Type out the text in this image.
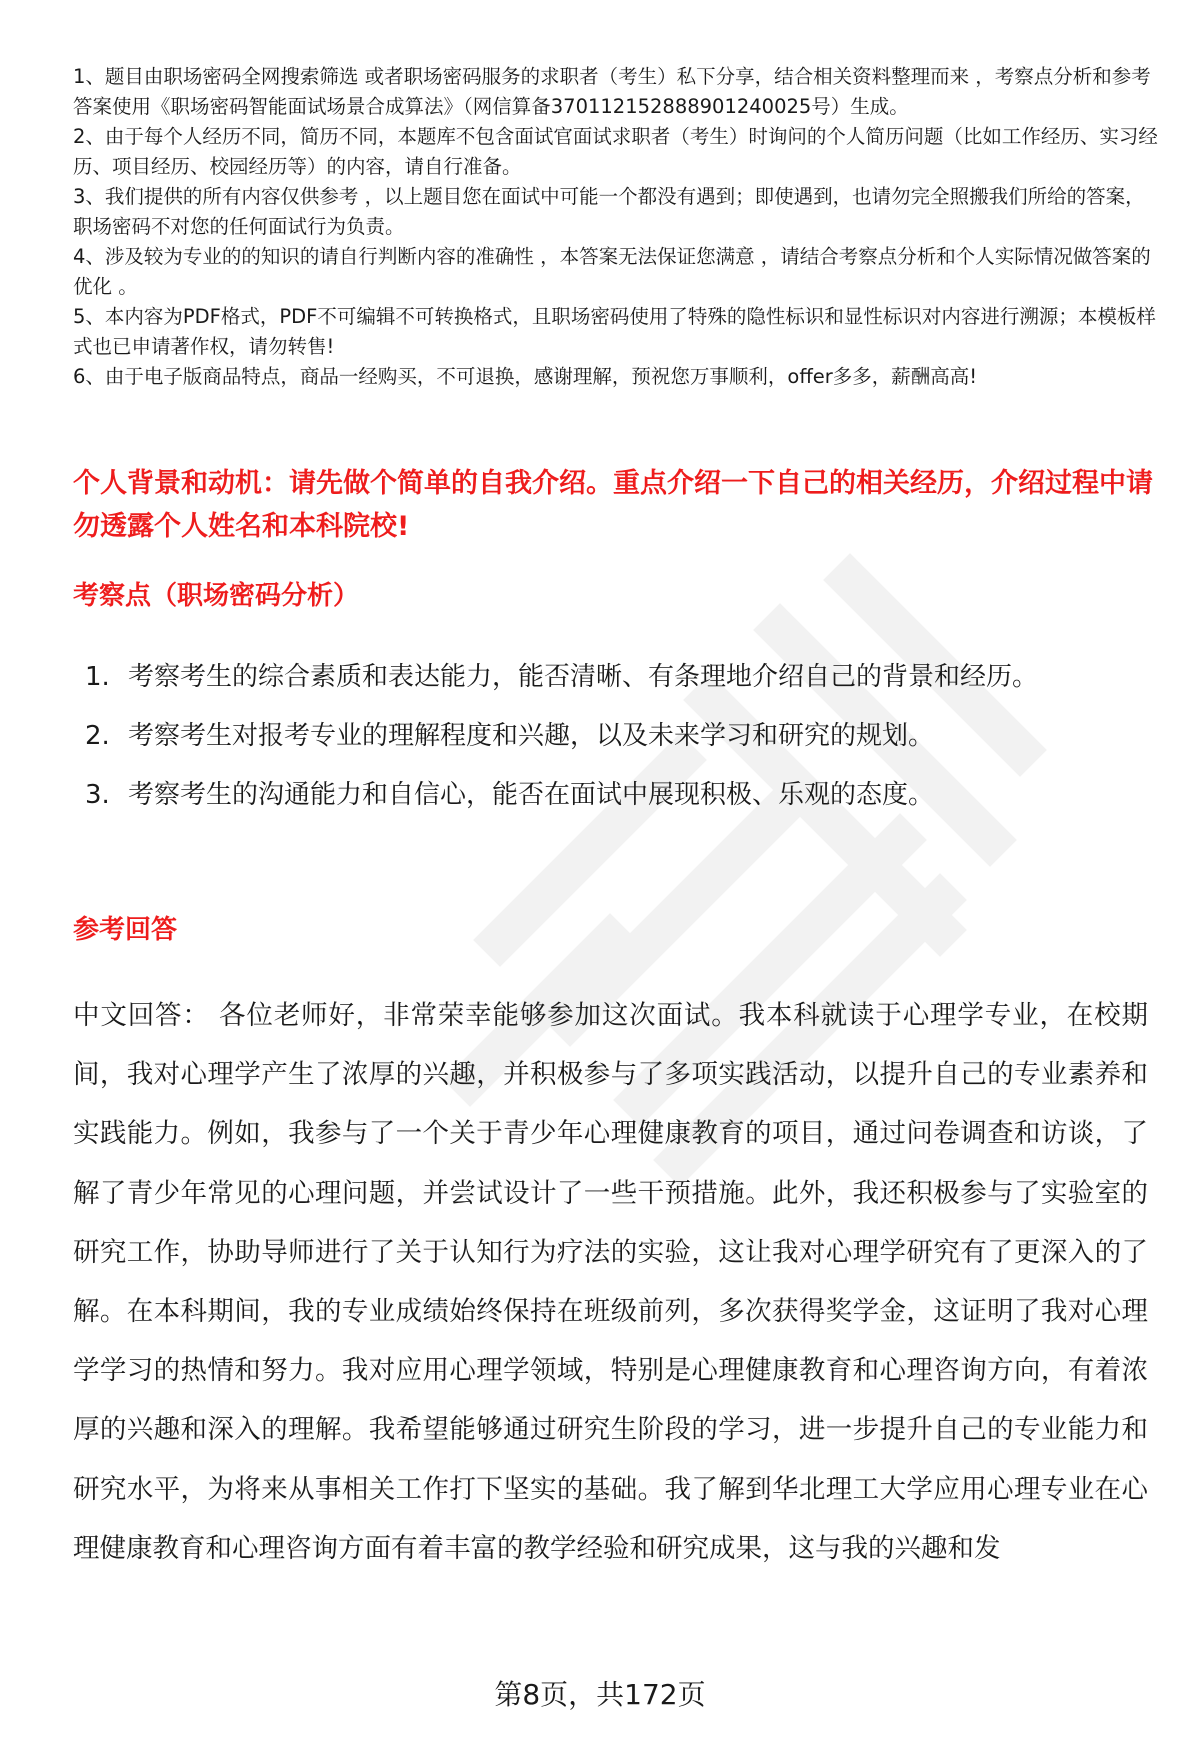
1、题目由职场密码全网搜索筛选 或者职场密码服务的求职者（考生）私下分享，结合相关资料整理而来 ，考察点分析和参考答案使用《职场密码智能面试场景合成算法》（网信算备370112152888901240025号）生成。

2、由于每个人经历不同，简历不同，本题库不包含面试官面试求职者（考生）时询问的个人简历问题（比如工作经历、实习经历、项目经历、校园经历等）的内容，请自行准备。

3、我们提供的所有内容仅供参考 ，以上题目您在面试中可能一个都没有遇到；即使遇到，也请勿完全照搬我们所给的答案，职场密码不对您的任何面试行为负责。

4、涉及较为专业的的知识的请自行判断内容的准确性 ，本答案无法保证您满意 ，请结合考察点分析和个人实际情况做答案的优化 。

5、本内容为PDF格式，PDF不可编辑不可转换格式，且职场密码使用了特殊的隐性标识和显性标识对内容进行溯源；本模板样式也已申请著作权，请勿转售!

6、由于电子版商品特点，商品一经购买，不可退换，感谢理解，预祝您万事顺利，offer多多，薪酬高高!

个人背景和动机：请先做个简单的自我介绍。重点介绍一下自己的相关经历，介绍过程中请勿透露个人姓名和本科院校!
考察点（职场密码分析）
1. 考察考生的综合素质和表达能力，能否清晰、有条理地介绍自己的背景和经历。
2. 考察考生对报考专业的理解程度和兴趣，以及未来学习和研究的规划。
3. 考察考生的沟通能力和自信心，能否在面试中展现积极、乐观的态度。
参考回答
中文回答： 各位老师好，非常荣幸能够参加这次面试。我本科就读于心理学专业，在校期间，我对心理学产生了浓厚的兴趣，并积极参与了多项实践活动，以提升自己的专业素养和实践能力。例如，我参与了一个关于青少年心理健康教育的项目，通过问卷调查和访谈，了解了青少年常见的心理问题，并尝试设计了一些干预措施。此外，我还积极参与了实验室的研究工作，协助导师进行了关于认知行为疗法的实验，这让我对心理学研究有了更深入的了解。在本科期间，我的专业成绩始终保持在班级前列，多次获得奖学金，这证明了我对心理学学习的热情和努力。我对应用心理学领域，特别是心理健康教育和心理咨询方向，有着浓厚的兴趣和深入的理解。我希望能够通过研究生阶段的学习，进一步提升自己的专业能力和研究水平，为将来从事相关工作打下坚实的基础。我了解到华北理工大学应用心理专业在心理健康教育和心理咨询方面有着丰富的教学经验和研究成果，这与我的兴趣和发
第8页，共172页
